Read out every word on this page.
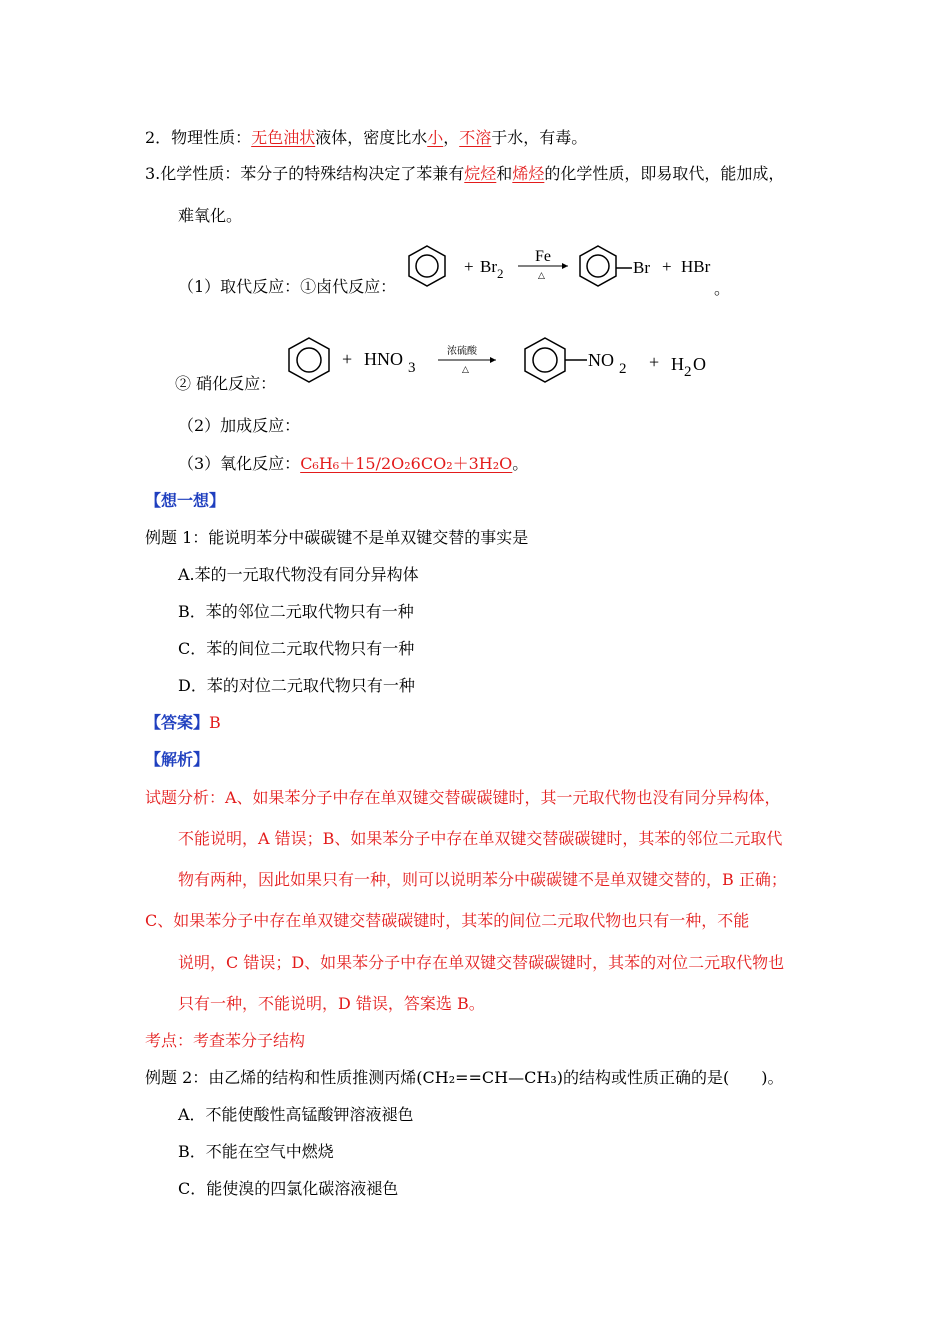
2．物理性质：无色油状液体，密度比水小，不溶于水，有毒。
3.化学性质：苯分子的特殊结构决定了苯兼有烷烃和烯烃的化学性质，即易取代，能加成，
难氧化。
（1）取代反应：①卤代反应：
+ Br 2
Fe
△	Br + HBr
。
② 硝化反应：
+ HNO 3
浓硫酸
△	NO 2 + H 2 O
（2）加成反应：
（3）氧化反应：C₆H₆＋15/2O₂6CO₂＋3H₂O。
【想一想】
例题 1：能说明苯分中碳碳键不是单双键交替的事实是
A.苯的一元取代物没有同分异构体
B．苯的邻位二元取代物只有一种
C．苯的间位二元取代物只有一种
D．苯的对位二元取代物只有一种
【答案】B
【解析】
试题分析：A、如果苯分子中存在单双键交替碳碳键时，其一元取代物也没有同分异构体，
不能说明，A 错误；B、如果苯分子中存在单双键交替碳碳键时，其苯的邻位二元取代
物有两种，因此如果只有一种，则可以说明苯分中碳碳键不是单双键交替的，B 正确；
C、如果苯分子中存在单双键交替碳碳键时，其苯的间位二元取代物也只有一种，不能
说明，C 错误；D、如果苯分子中存在单双键交替碳碳键时，其苯的对位二元取代物也
只有一种，不能说明，D 错误，答案选 B。
考点：考查苯分子结构
例题 2：由乙烯的结构和性质推测丙烯(CH₂==CH—CH₃)的结构或性质正确的是(　　)。
A．不能使酸性高锰酸钾溶液褪色
B．不能在空气中燃烧
C．能使溴的四氯化碳溶液褪色
